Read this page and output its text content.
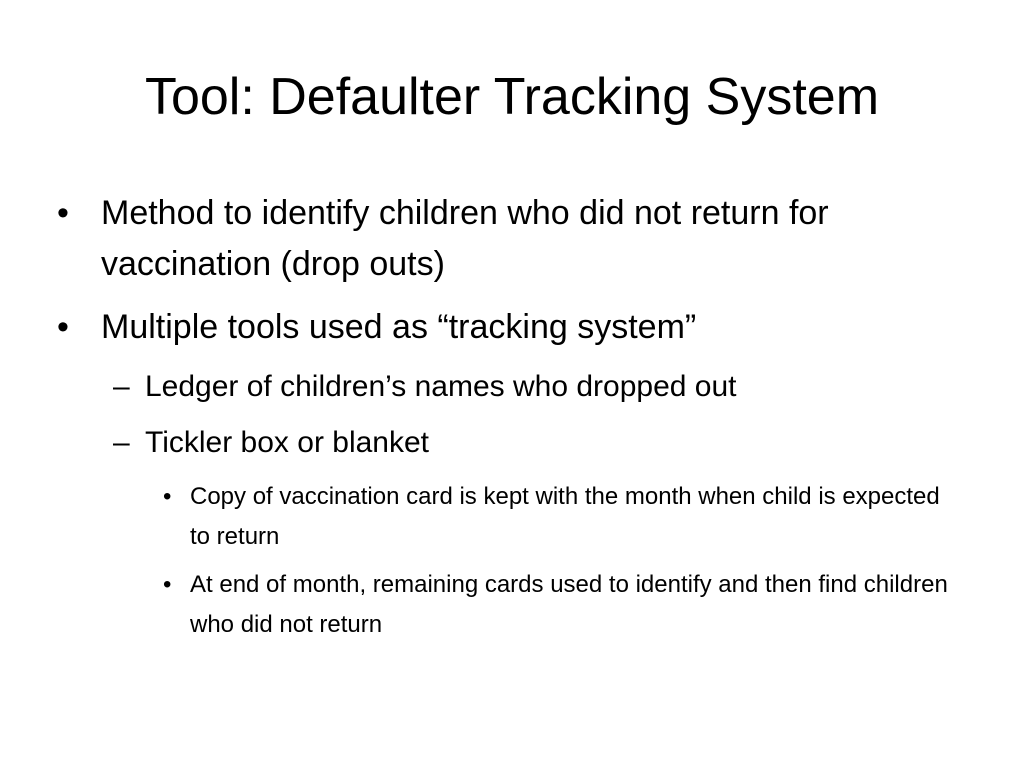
Tool: Defaulter Tracking System
• Method to identify children who did not return for vaccination (drop outs)
• Multiple tools used as “tracking system”
– Ledger of children’s names who dropped out
– Tickler box or blanket
• Copy of vaccination card is kept with the month when child is expected to return
• At end of month, remaining cards used to identify and then find children who did not return
